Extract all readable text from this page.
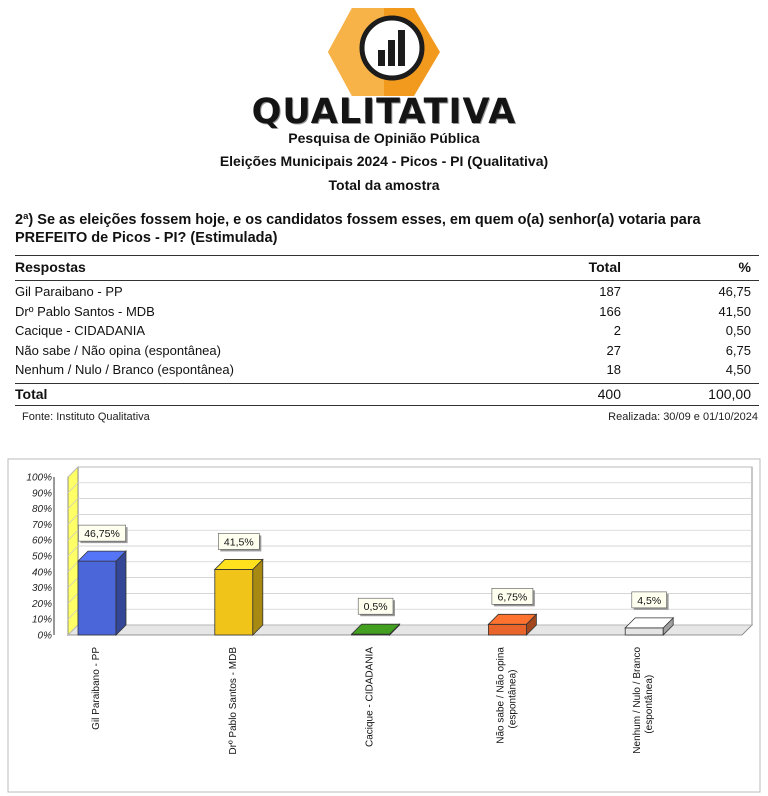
QUALITATIVA
Pesquisa de Opinião Pública
Eleições Municipais 2024 - Picos - PI (Qualitativa)
Total da amostra
2ª) Se as eleições fossem hoje, e os candidatos fossem esses, em quem o(a) senhor(a) votaria para PREFEITO de Picos - PI? (Estimulada)
Respostas	Total	%
Gil Paraibano - PP	187	46,75
Drº Pablo Santos - MDB	166	41,50
Cacique - CIDADANIA	2	0,50
Não sabe / Não opina (espontânea)	27	6,75
Nenhum / Nulo / Branco (espontânea)	18	4,50
Total	400	100,00
Fonte: Instituto Qualitativa	Realizada: 30/09 e 01/10/2024
0%
10%
20%
30%
40%
50%
60%
70%
80%
90%
100%
46,75%
Gil Paraibano - PP
41,5%
Drº Pablo Santos - MDB
0,5%
Cacique - CIDADANIA
6,75%
Não sabe / Não opina (espontânea)
4,5%
Nenhum / Nulo / Branco (espontânea)
